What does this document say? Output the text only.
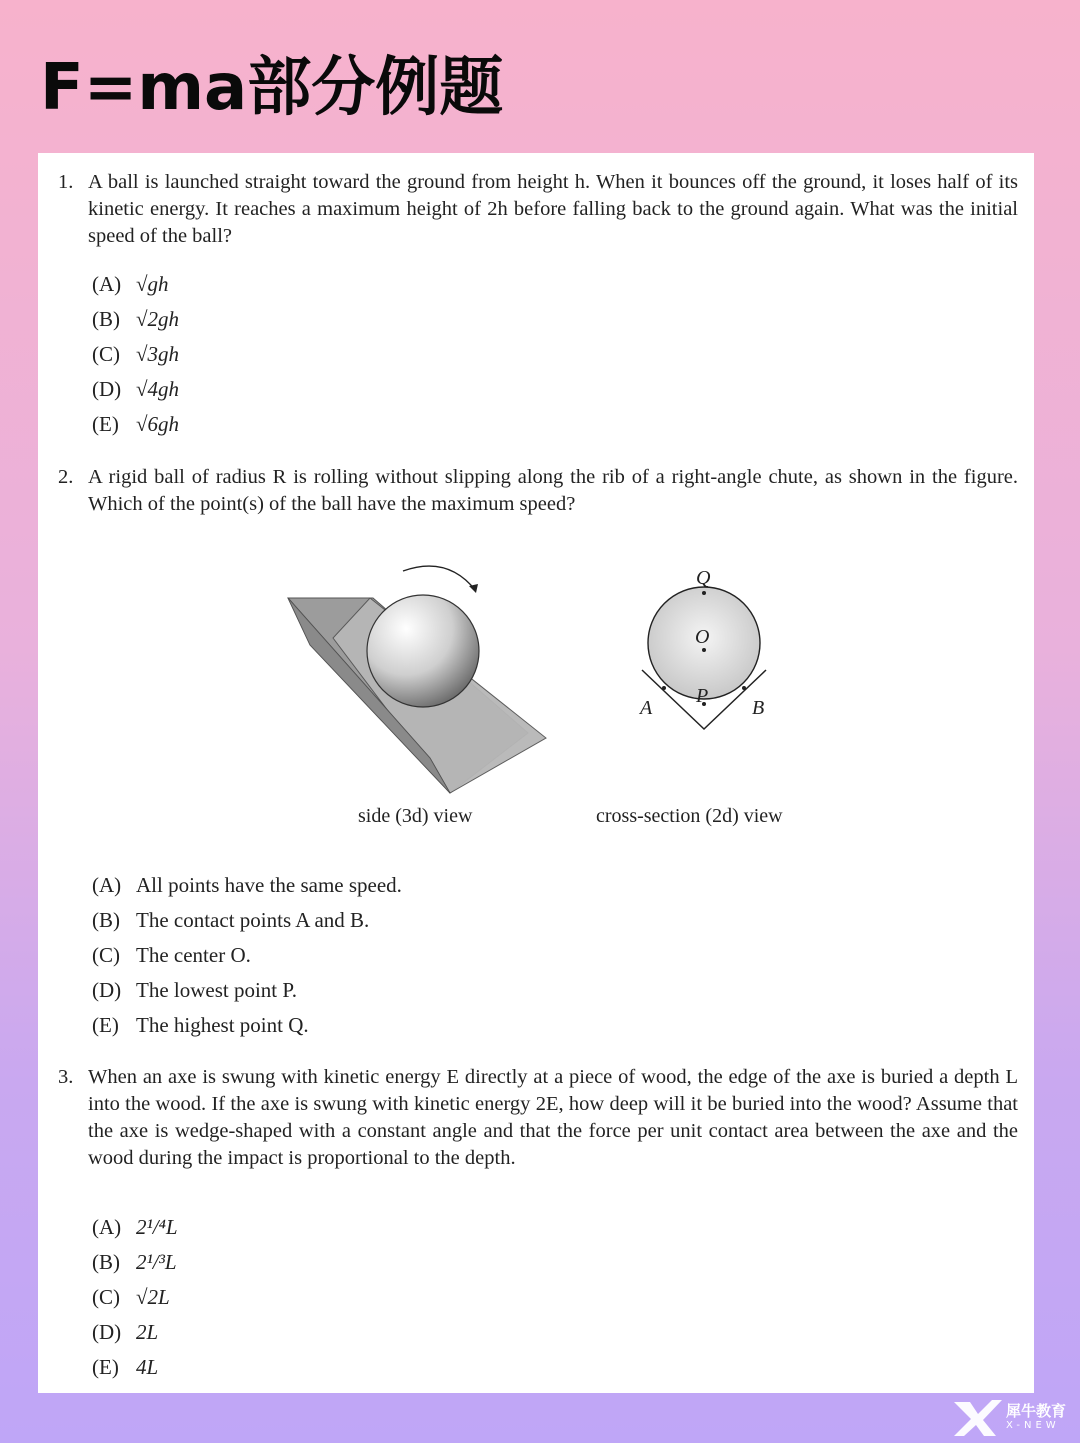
F=ma部分例题
1. A ball is launched straight toward the ground from height h. When it bounces off the ground, it loses half of its kinetic energy. It reaches a maximum height of 2h before falling back to the ground again. What was the initial speed of the ball?
(A) √gh
(B) √2gh
(C) √3gh
(D) √4gh
(E) √6gh
2. A rigid ball of radius R is rolling without slipping along the rib of a right-angle chute, as shown in the figure. Which of the point(s) of the ball have the maximum speed?
side (3d) view
Q
O
P
A	B
cross-section (2d) view
(A) All points have the same speed.
(B) The contact points A and B.
(C) The center O.
(D) The lowest point P.
(E) The highest point Q.
3. When an axe is swung with kinetic energy E directly at a piece of wood, the edge of the axe is buried a depth L into the wood. If the axe is swung with kinetic energy 2E, how deep will it be buried into the wood? Assume that the axe is wedge-shaped with a constant angle and that the force per unit contact area between the axe and the wood during the impact is proportional to the depth.
(A) 2¹/⁴L
(B) 2¹/³L
(C) √2L
(D) 2L
(E) 4L
犀牛教育
X-NEW
